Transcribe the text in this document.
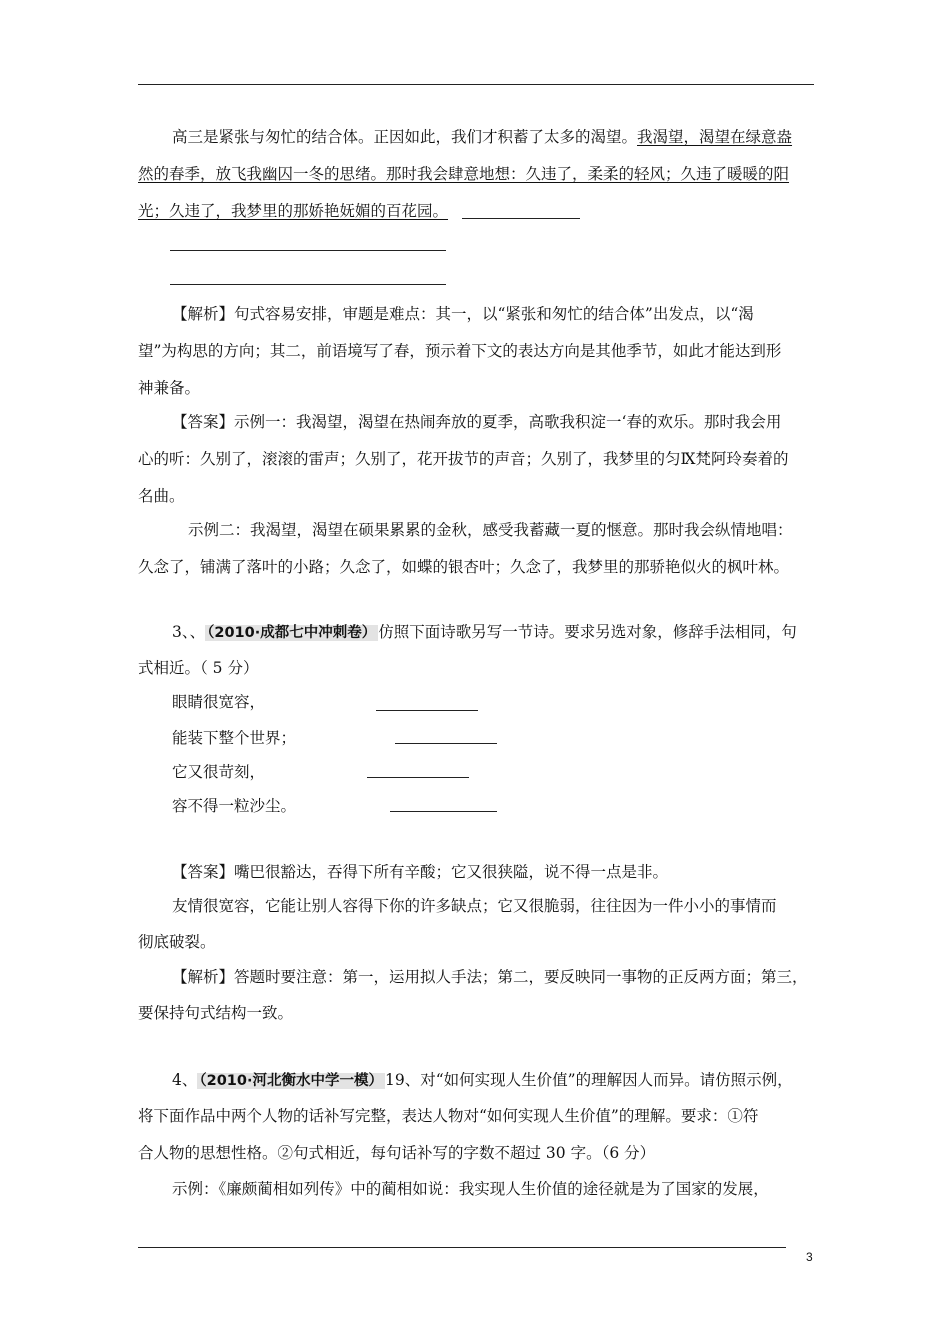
高三是紧张与匆忙的结合体。正因如此，我们才积蓄了太多的渴望。我渴望，渴望在绿意盎
然的春季，放飞我幽囚一冬的思绪。那时我会肆意地想：久违了，柔柔的轻风；久违了暖暖的阳
光；久违了，我梦里的那娇艳妩媚的百花园。
【解析】句式容易安排，审题是难点：其一，以“紧张和匆忙的结合体”出发点，以“渴
望”为构思的方向；其二，前语境写了春，预示着下文的表达方向是其他季节，如此才能达到形
神兼备。
【答案】示例一：我渴望，渴望在热闹奔放的夏季，高歌我积淀一‘春的欢乐。那时我会用
心的听：久别了，滚滚的雷声；久别了，花开拔节的声音；久别了，我梦里的匀Ⅸ梵阿玲奏着的
名曲。
示例二：我渴望，渴望在硕果累累的金秋，感受我蓄藏一夏的惬意。那时我会纵情地唱：
久念了，铺满了落叶的小路；久念了，如蝶的银杏叶；久念了，我梦里的那骄艳似火的枫叶林。
3、、 （2010·成都七中冲刺卷） 仿照下面诗歌另写一节诗。要求另选对象，修辞手法相同，句
式相近。（ 5 分）
眼睛很宽容，
能装下整个世界；
它又很苛刻，
容不得一粒沙尘。
【答案】嘴巴很豁达，吞得下所有辛酸；它又很狭隘，说不得一点是非。
友情很宽容，它能让别人容得下你的许多缺点；它又很脆弱，往往因为一件小小的事情而
彻底破裂。
【解析】答题时要注意：第一，运用拟人手法；第二，要反映同一事物的正反两方面；第三，
要保持句式结构一致。
4、 （2010·河北衡水中学一模） 19、对“如何实现人生价值”的理解因人而异。请仿照示例，
将下面作品中两个人物的话补写完整，表达人物对“如何实现人生价值”的理解。要求：①符
合人物的思想性格。②句式相近，每句话补写的字数不超过 30 字。（6 分）
示例：《廉颇蔺相如列传》中的蔺相如说：我实现人生价值的途径就是为了国家的发展，
3
